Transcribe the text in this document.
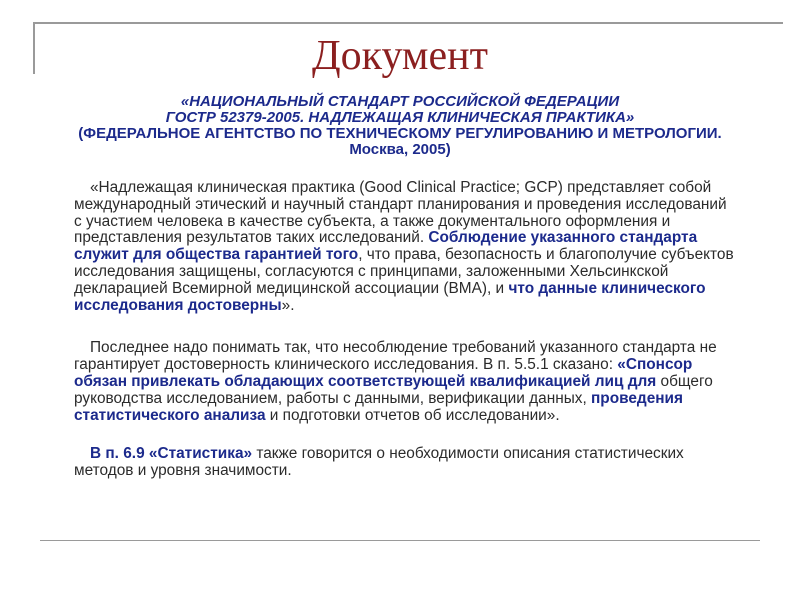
Документ
«НАЦИОНАЛЬНЫЙ СТАНДАРТ РОССИЙСКОЙ ФЕДЕРАЦИИ
ГОСТР 52379-2005. НАДЛЕЖАЩАЯ КЛИНИЧЕСКАЯ ПРАКТИКА»
(ФЕДЕРАЛЬНОЕ АГЕНТСТВО ПО ТЕХНИЧЕСКОМУ РЕГУЛИРОВАНИЮ И МЕТРОЛОГИИ. Москва, 2005)

«Надлежащая клиническая практика (Good Clinical Practice; GCP) представляет собой международный этический и научный стандарт планирования и проведения исследований с участием человека в качестве субъекта, а также документального оформления и представления результатов таких исследований. Соблюдение указанного стандарта служит для общества гарантией того, что права, безопасность и благополучие субъектов исследования защищены, согласуются с принципами, заложенными Хельсинкской декларацией Всемирной медицинской ассоциации (ВМА), и что данные клинического исследования достоверны».

Последнее надо понимать так, что несоблюдение требований указанного стандарта не гарантирует достоверность клинического исследования. В п. 5.5.1 сказано: «Спонсор обязан привлекать обладающих соответствующей квалификацией лиц для общего руководства исследованием, работы с данными, верификации данных, проведения статистического анализа и подготовки отчетов об исследовании».

В п. 6.9 «Статистика» также говорится о необходимости описания статистических методов и уровня значимости.
